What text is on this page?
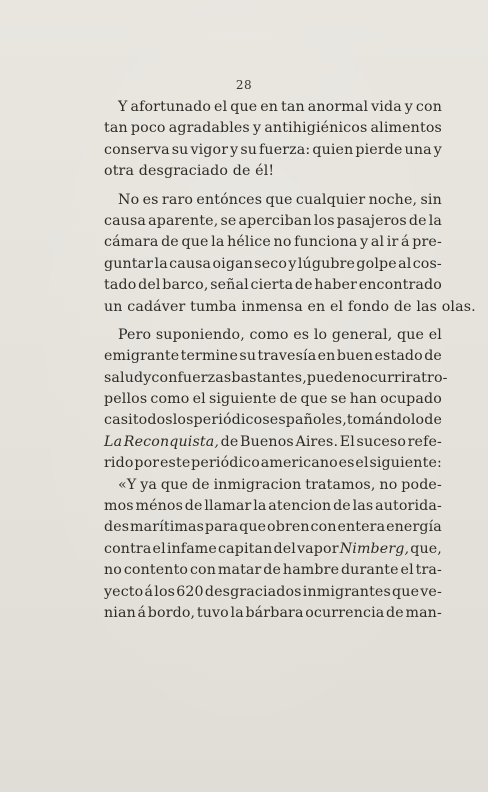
28
Y afortunado el que en tan anormal vida y con
tan poco agradables y antihigiénicos alimentos
conserva su vigor y su fuerza: quien pierde una y
otra desgraciado de él!
No es raro entónces que cualquier noche, sin
causa aparente, se aperciban los pasajeros de la
cámara de que la hélice no funciona y al ir á pre-
guntar la causa oigan seco y lúgubre golpe al cos-
tado del barco, señal cierta de haber encontrado
un cadáver tumba inmensa en el fondo de las olas.
Pero suponiendo, como es lo general, que el
emigrante termine su travesía en buen estado de
salud y con fuerzas bastantes, pueden ocurrir atro-
pellos como el siguiente de que se han ocupado
casi todos los periódicos españoles, tomándolo de
La Reconquista, de Buenos Aires. El suceso refe-
rido por este periódico americano es el siguiente:
«Y ya que de inmigracion tratamos, no pode-
mos ménos de llamar la atencion de las autorida-
des marítimas para que obren con entera energía
contra el infame capitan del vapor Nimberg, que,
no contento con matar de hambre durante el tra-
yecto á los 620 desgraciados inmigrantes que ve-
nian á bordo, tuvo la bárbara ocurrencia de man-
